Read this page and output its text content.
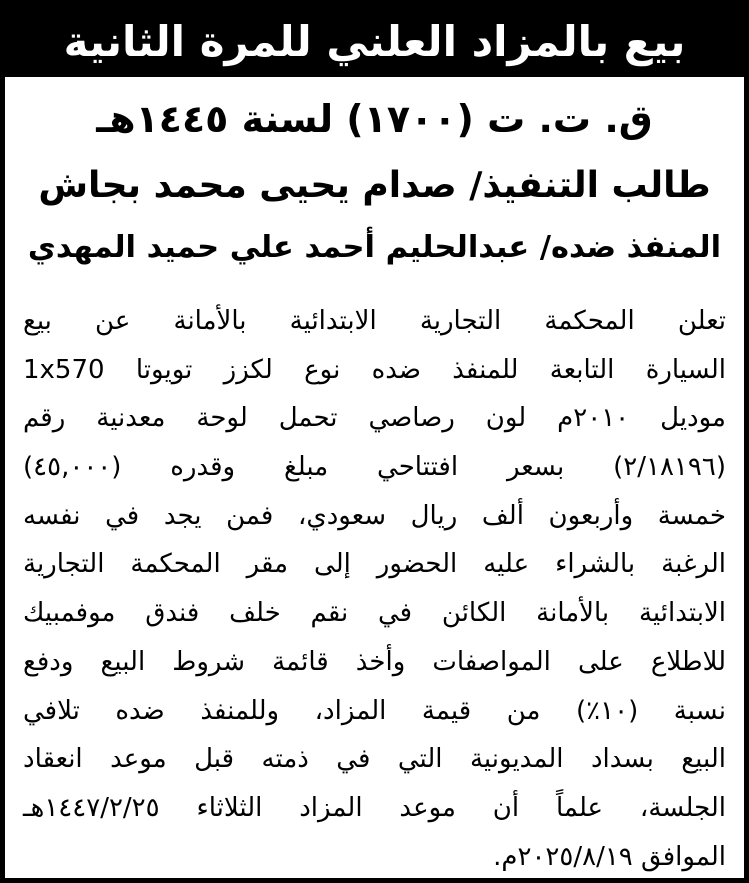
بيع بالمزاد العلني للمرة الثانية
ق. ت. ت (١٧٠٠) لسنة ١٤٤٥هـ
طالب التنفيذ/ صدام يحيى محمد بجاش
المنفذ ضده/ عبدالحليم أحمد علي حميد المهدي
تعلن المحكمة التجارية الابتدائية بالأمانة عن بيع
السيارة التابعة للمنفذ ضده نوع لكزز تويوتا 1x570
موديل ٢٠١٠م لون رصاصي تحمل لوحة معدنية رقم
(٢/١٨١٩٦) بسعر افتتاحي مبلغ وقدره (٤٥,٠٠٠)
خمسة وأربعون ألف ريال سعودي، فمن يجد في نفسه
الرغبة بالشراء عليه الحضور إلى مقر المحكمة التجارية
الابتدائية بالأمانة الكائن في نقم خلف فندق موفمبيك
للاطلاع على المواصفات وأخذ قائمة شروط البيع ودفع
نسبة (١٠٪) من قيمة المزاد، وللمنفذ ضده تلافي
البيع بسداد المديونية التي في ذمته قبل موعد انعقاد
الجلسة، علماً أن موعد المزاد الثلاثاء ١٤٤٧/٢/٢٥هـ
الموافق ٢٠٢٥/٨/١٩م.
